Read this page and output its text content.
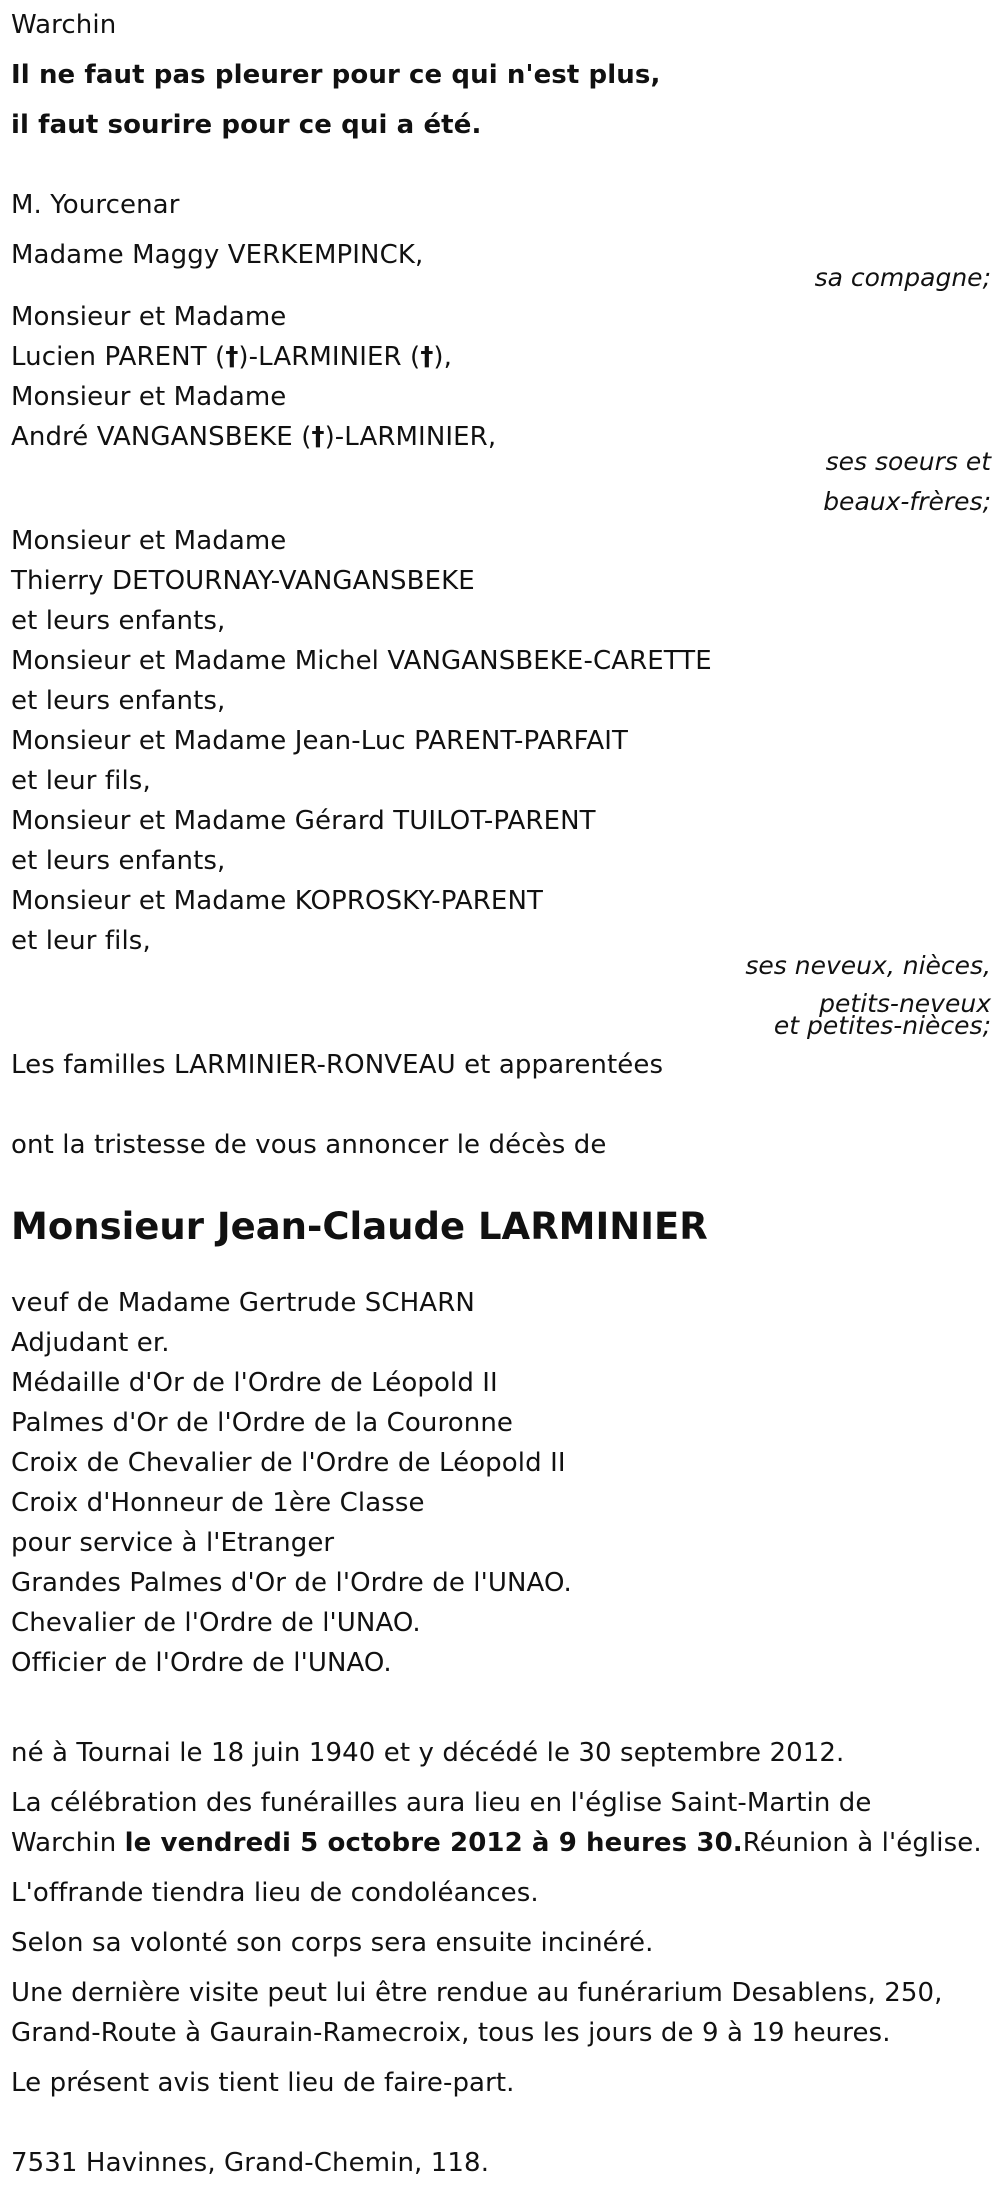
Warchin
Il ne faut pas pleurer pour ce qui n'est plus,
il faut sourire pour ce qui a été.
M. Yourcenar
Madame Maggy VERKEMPINCK,
sa compagne;
Monsieur et Madame
Lucien PARENT (†)-LARMINIER (†),
Monsieur et Madame
André VANGANSBEKE (†)-LARMINIER,
ses soeurs et
beaux-frères;
Monsieur et Madame
Thierry DETOURNAY-VANGANSBEKE
et leurs enfants,
Monsieur et Madame Michel VANGANSBEKE-CARETTE
et leurs enfants,
Monsieur et Madame Jean-Luc PARENT-PARFAIT
et leur fils,
Monsieur et Madame Gérard TUILOT-PARENT
et leurs enfants,
Monsieur et Madame KOPROSKY-PARENT
et leur fils,
ses neveux, nièces,
petits-neveux
et petites-nièces;
Les familles LARMINIER-RONVEAU et apparentées
ont la tristesse de vous annoncer le décès de
Monsieur Jean-Claude LARMINIER
veuf de Madame Gertrude SCHARN
Adjudant er.
Médaille d'Or de l'Ordre de Léopold II
Palmes d'Or de l'Ordre de la Couronne
Croix de Chevalier de l'Ordre de Léopold II
Croix d'Honneur de 1ère Classe
pour service à l'Etranger
Grandes Palmes d'Or de l'Ordre de l'UNAO.
Chevalier de l'Ordre de l'UNAO.
Officier de l'Ordre de l'UNAO.
né à Tournai le 18 juin 1940 et y décédé le 30 septembre 2012.
La célébration des funérailles aura lieu en l'église Saint-Martin de
Warchin le vendredi 5 octobre 2012 à 9 heures 30.Réunion à l'église.
L'offrande tiendra lieu de condoléances.
Selon sa volonté son corps sera ensuite incinéré.
Une dernière visite peut lui être rendue au funérarium Desablens, 250,
Grand-Route à Gaurain-Ramecroix, tous les jours de 9 à 19 heures.
Le présent avis tient lieu de faire-part.
7531 Havinnes, Grand-Chemin, 118.
